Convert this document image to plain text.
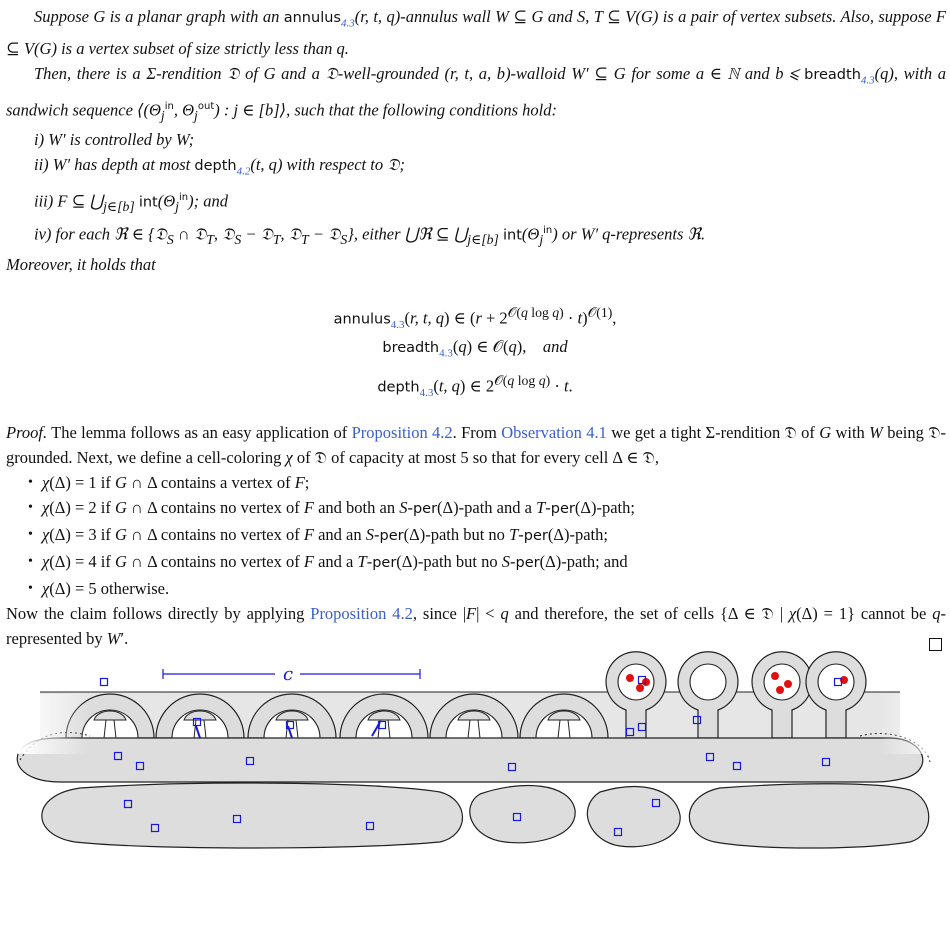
Suppose G is a planar graph with an annulus$_{4.3}$(r, t, q)-annulus wall W ⊆ G and S, T ⊆ V(G) is a pair of vertex subsets. Also, suppose F ⊆ V(G) is a vertex subset of size strictly less than q.

Then, there is a Σ-rendition 𝔇 of G and a 𝔇-well-grounded (r, t, a, b)-walloid W′ ⊆ G for some a ∈ ℕ and b ⩽ breadth$_{4.3}$(q), with a sandwich sequence $⟨(\Theta_j^{in}$, $\Theta_j^{out}$) : j ∈ [b]⟩, such that the following conditions hold:

i) W′ is controlled by W;

ii) W′ has depth at most depth$_{4.2}$(t, q) with respect to 𝔇;

iii) F ⊆ $⋃_{j\in[b]}$ $int(\Theta_j^{in})$; and

iv) for each ℜ ∈ {𝔇$_S$ ∩ 𝔇$_T$, 𝔇$_S$ − 𝔇$_T$, 𝔇$_T$ − 𝔇$_S$}, either ⋃ℜ ⊆ $⋃_{j\in[b]}$ $int(\Theta_j^{in})$ or W′ q-represents ℜ.

Moreover, it holds that

annulus$_{4.3}$(r, t, q) ∈ $(r + 2^{𝒪(q log q)} \cdot t)^{𝒪(1)}$,
breadth$_{4.3}$(q) ∈ 𝒪(q),    and
depth$_{4.3}$(t, q) ∈ $2^{𝒪(q log q)} \cdot t$.

Proof. The lemma follows as an easy application of Proposition 4.2. From Observation 4.1 we get a tight Σ-rendition 𝔇 of G with W being 𝔇-grounded. Next, we define a cell-coloring χ of 𝔇 of capacity at most 5 so that for every cell Δ ∈ 𝔇,

• χ(Δ) = 1 if G ∩ Δ contains a vertex of F;

• χ(Δ) = 2 if G ∩ Δ contains no vertex of F and both an S-per(Δ)-path and a T-per(Δ)-path;

• χ(Δ) = 3 if G ∩ Δ contains no vertex of F and an S-per(Δ)-path but no T-per(Δ)-path;

• χ(Δ) = 4 if G ∩ Δ contains no vertex of F and a T-per(Δ)-path but no S-per(Δ)-path; and

• χ(Δ) = 5 otherwise.

Now the claim follows directly by applying Proposition 4.2, since |F| < q and therefore, the set of cells {Δ ∈ 𝔇 | χ(Δ) = 1} cannot be q-represented by W′.

c
